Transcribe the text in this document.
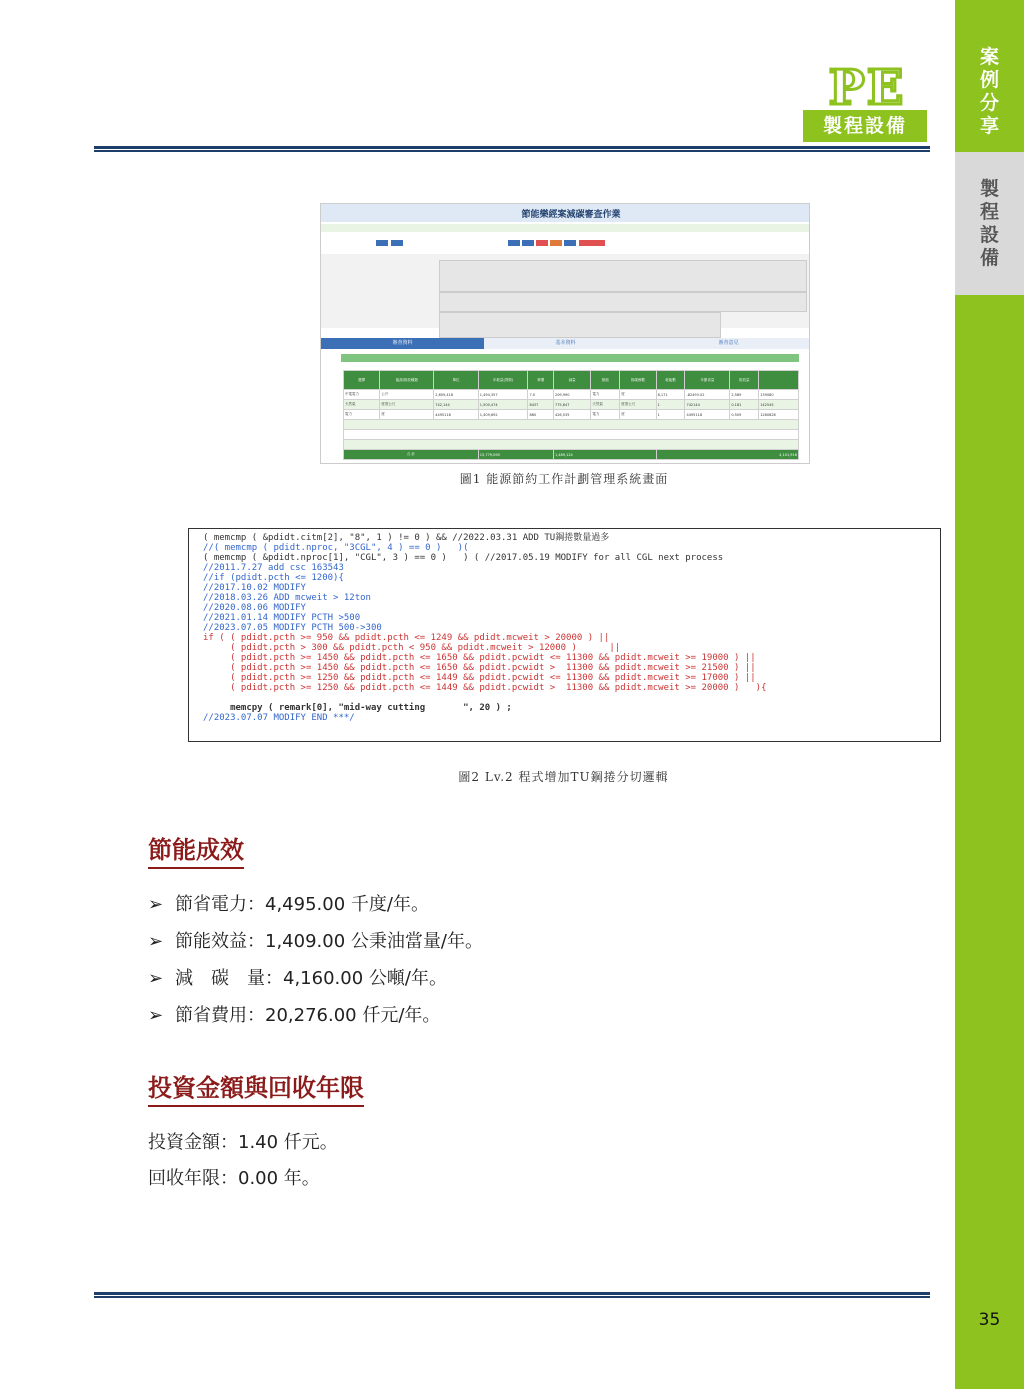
案
例
分
享
製
程
設
備
PE
製程設備
節能樂經案減碳審查作業
審查資料	基本資料	審查意見
選擇	能源/排放種類	單位	年耗量(實際)	單價	減量	熱值	排碳係數	耗能數	年節省量	排放量	
中電電力	公斤	2,659,418	1,494,357	7.0	209,990	電力	度	8,171	-82493.02	2,589	139080
天然氣	度度公尺	742,144	1,500,474	8437	775,647	天然氣	度度公尺	1	742144	0.181	142545
電力	度	4495118	1,409,692	860	426,535	電力	度	1	4495118	0.509	1280826

合 計			15,779,090		1,489,124			4,101,916			
圖1 能源節約工作計劃管理系統畫面
( memcmp ( &pdidt.citm[2], "8", 1 ) != 0 ) && //2022.03.31 ADD TU鋼捲數量過多
//( memcmp ( pdidt.nproc, "3CGL", 4 ) == 0 )   )(
( memcmp ( &pdidt.nproc[1], "CGL", 3 ) == 0 )   ) ( //2017.05.19 MODIFY for all CGL next process
//2011.7.27 add csc 163543
//if (pdidt.pcth <= 1200){
//2017.10.02 MODIFY
//2018.03.26 ADD mcweit > 12ton
//2020.08.06 MODIFY
//2021.01.14 MODIFY PCTH >500
//2023.07.05 MODIFY PCTH 500->300
if ( ( pdidt.pcth >= 950 && pdidt.pcth <= 1249 && pdidt.mcweit > 20000 ) ||
( pdidt.pcth > 300 && pdidt.pcth < 950 && pdidt.mcweit > 12000 )      ||
( pdidt.pcth >= 1450 && pdidt.pcth <= 1650 && pdidt.pcwidt <= 11300 && pdidt.mcweit >= 19000 ) ||
( pdidt.pcth >= 1450 && pdidt.pcth <= 1650 && pdidt.pcwidt >  11300 && pdidt.mcweit >= 21500 ) ||
( pdidt.pcth >= 1250 && pdidt.pcth <= 1449 && pdidt.pcwidt <= 11300 && pdidt.mcweit >= 17000 ) ||
( pdidt.pcth >= 1250 && pdidt.pcth <= 1449 && pdidt.pcwidt >  11300 && pdidt.mcweit >= 20000 )   ){
memcpy ( remark[0], "mid-way cutting       ", 20 ) ;
//2023.07.07 MODIFY END ***/
圖2 Lv.2 程式增加TU鋼捲分切邏輯
節能成效
➢ 節省電力：4,495.00 千度/年。
➢ 節能效益：1,409.00 公秉油當量/年。
➢ 減　碳　量：4,160.00 公噸/年。
➢ 節省費用：20,276.00 仟元/年。
投資金額與回收年限
投資金額：1.40 仟元。
回收年限：0.00 年。
35
